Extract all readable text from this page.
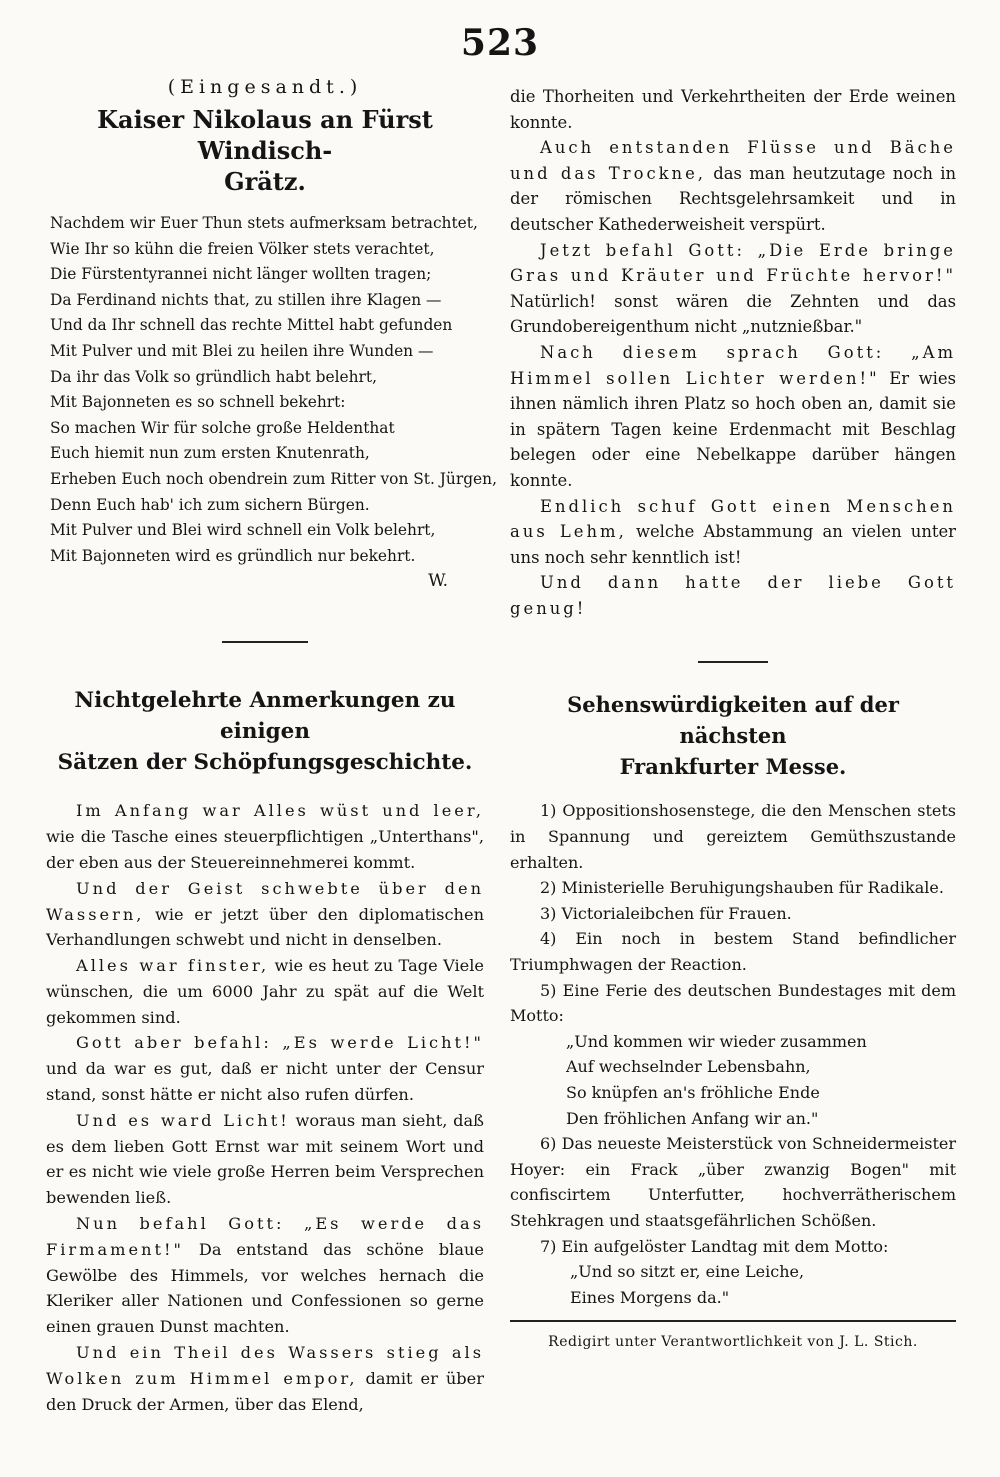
523
(Eingesandt.)

Kaiser Nikolaus an Fürst Windisch-
Grätz.

Nachdem wir Euer Thun stets aufmerksam betrachtet,
Wie Ihr so kühn die freien Völker stets verachtet,
Die Fürstentyrannei nicht länger wollten tragen;
Da Ferdinand nichts that, zu stillen ihre Klagen —
Und da Ihr schnell das rechte Mittel habt gefunden
Mit Pulver und mit Blei zu heilen ihre Wunden —
Da ihr das Volk so gründlich habt belehrt,
Mit Bajonneten es so schnell bekehrt:
So machen Wir für solche große Heldenthat
Euch hiemit nun zum ersten Knutenrath,
Erheben Euch noch obendrein zum Ritter von St. Jürgen,
Denn Euch hab' ich zum sichern Bürgen.
Mit Pulver und Blei wird schnell ein Volk belehrt,
Mit Bajonneten wird es gründlich nur bekehrt.
W.

Nichtgelehrte Anmerkungen zu einigen
Sätzen der Schöpfungsgeschichte.

Im Anfang war Alles wüst und leer, wie die Tasche eines steuerpflichtigen „Unterthans", der eben aus der Steuereinnehmerei kommt.

Und der Geist schwebte über den Wassern, wie er jetzt über den diplomatischen Verhandlungen schwebt und nicht in denselben.

Alles war finster, wie es heut zu Tage Viele wünschen, die um 6000 Jahr zu spät auf die Welt gekommen sind.

Gott aber befahl: „Es werde Licht!" und da war es gut, daß er nicht unter der Censur stand, sonst hätte er nicht also rufen dürfen.

Und es ward Licht! woraus man sieht, daß es dem lieben Gott Ernst war mit seinem Wort und er es nicht wie viele große Herren beim Versprechen bewenden ließ.

Nun befahl Gott: „Es werde das Firmament!" Da entstand das schöne blaue Gewölbe des Himmels, vor welches hernach die Kleriker aller Nationen und Confessionen so gerne einen grauen Dunst machten.

Und ein Theil des Wassers stieg als Wolken zum Himmel empor, damit er über den Druck der Armen, über das Elend,

die Thorheiten und Verkehrtheiten der Erde weinen konnte.

Auch entstanden Flüsse und Bäche und das Trockne, das man heutzutage noch in der römischen Rechtsgelehrsamkeit und in deutscher Kathederweisheit verspürt.

Jetzt befahl Gott: „Die Erde bringe Gras und Kräuter und Früchte hervor!" Natürlich! sonst wären die Zehnten und das Grundobereigenthum nicht „nutznießbar."

Nach diesem sprach Gott: „Am Himmel sollen Lichter werden!" Er wies ihnen nämlich ihren Platz so hoch oben an, damit sie in spätern Tagen keine Erdenmacht mit Beschlag belegen oder eine Nebelkappe darüber hängen konnte.

Endlich schuf Gott einen Menschen aus Lehm, welche Abstammung an vielen unter uns noch sehr kenntlich ist!

Und dann hatte der liebe Gott genug!

Sehenswürdigkeiten auf der nächsten
Frankfurter Messe.

1) Oppositionshosenstege, die den Menschen stets in Spannung und gereiztem Gemüthszustande erhalten.

2) Ministerielle Beruhigungshauben für Radikale.

3) Victorialeibchen für Frauen.

4) Ein noch in bestem Stand befindlicher Triumphwagen der Reaction.

5) Eine Ferie des deutschen Bundestages mit dem Motto:

„Und kommen wir wieder zusammen
Auf wechselnder Lebensbahn,
So knüpfen an's fröhliche Ende
Den fröhlichen Anfang wir an."

6) Das neueste Meisterstück von Schneidermeister Hoyer: ein Frack „über zwanzig Bogen" mit confiscirtem Unterfutter, hochverrätherischem Stehkragen und staatsgefährlichen Schößen.

7) Ein aufgelöster Landtag mit dem Motto:

„Und so sitzt er, eine Leiche,
Eines Morgens da."
Redigirt unter Verantwortlichkeit von J. L. Stich.
